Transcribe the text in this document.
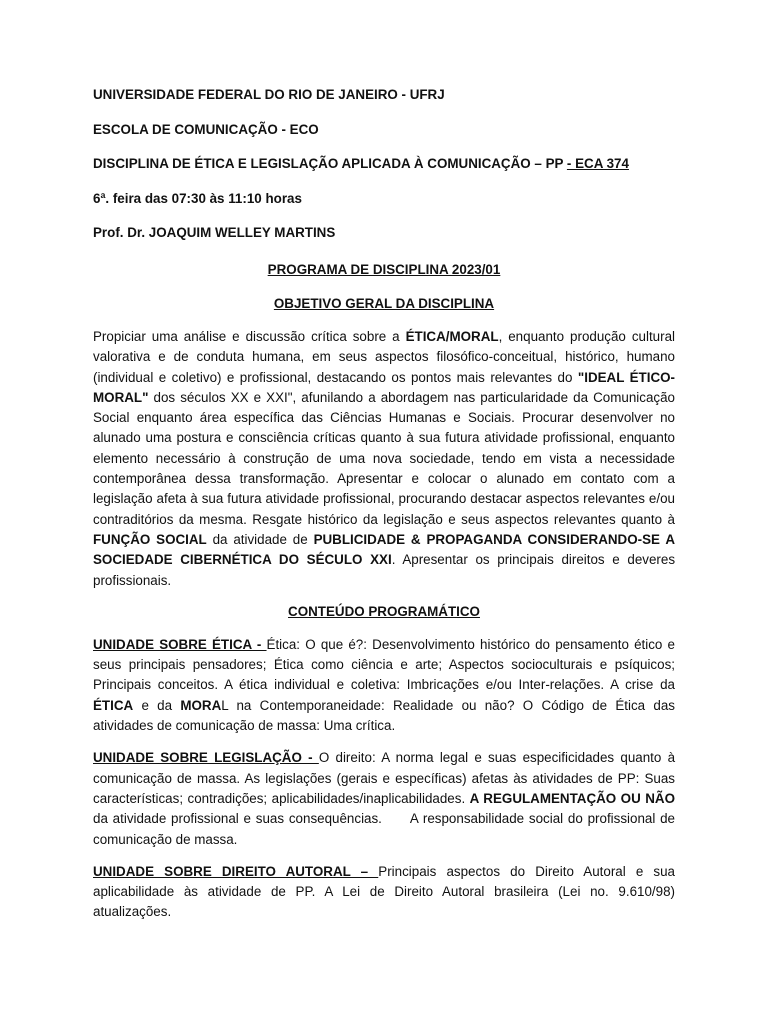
UNIVERSIDADE FEDERAL DO RIO DE JANEIRO - UFRJ
ESCOLA DE COMUNICAÇÃO - ECO
DISCIPLINA DE ÉTICA E LEGISLAÇÃO APLICADA À COMUNICAÇÃO – PP - ECA 374
6ª. feira das 07:30 às 11:10 horas
Prof. Dr. JOAQUIM WELLEY MARTINS
PROGRAMA DE DISCIPLINA 2023/01
OBJETIVO GERAL DA DISCIPLINA

Propiciar uma análise e discussão crítica sobre a ÉTICA/MORAL, enquanto produção cultural valorativa e de conduta humana, em seus aspectos filosófico-conceitual, histórico, humano (individual e coletivo) e profissional, destacando os pontos mais relevantes do "IDEAL ÉTICO-MORAL" dos séculos XX e XXI", afunilando a abordagem nas particularidade da Comunicação Social enquanto área específica das Ciências Humanas e Sociais. Procurar desenvolver no alunado uma postura e consciência críticas quanto à sua futura atividade profissional, enquanto elemento necessário à construção de uma nova sociedade, tendo em vista a necessidade contemporânea dessa transformação. Apresentar e colocar o alunado em contato com a legislação afeta à sua futura atividade profissional, procurando destacar aspectos relevantes e/ou contraditórios da mesma. Resgate histórico da legislação e seus aspectos relevantes quanto à FUNÇÃO SOCIAL da atividade de PUBLICIDADE & PROPAGANDA CONSIDERANDO-SE A SOCIEDADE CIBERNÉTICA DO SÉCULO XXI. Apresentar os principais direitos e deveres profissionais.

CONTEÚDO PROGRAMÁTICO

UNIDADE SOBRE ÉTICA - Ética: O que é?: Desenvolvimento histórico do pensamento ético e seus principais pensadores; Ética como ciência e arte; Aspectos socioculturais e psíquicos; Principais conceitos. A ética individual e coletiva: Imbricações e/ou Inter-relações. A crise da ÉTICA e da MORAL na Contemporaneidade: Realidade ou não? O Código de Ética das atividades de comunicação de massa: Uma crítica.

UNIDADE SOBRE LEGISLAÇÃO - O direito: A norma legal e suas especificidades quanto à comunicação de massa. As legislações (gerais e específicas) afetas às atividades de PP: Suas características; contradições; aplicabilidades/inaplicabilidades. A REGULAMENTAÇÃO OU NÃO da atividade profissional e suas consequências. A responsabilidade social do profissional de comunicação de massa.

UNIDADE SOBRE DIREITO AUTORAL – Principais aspectos do Direito Autoral e sua aplicabilidade às atividade de PP. A Lei de Direito Autoral brasileira (Lei no. 9.610/98) atualizações.
